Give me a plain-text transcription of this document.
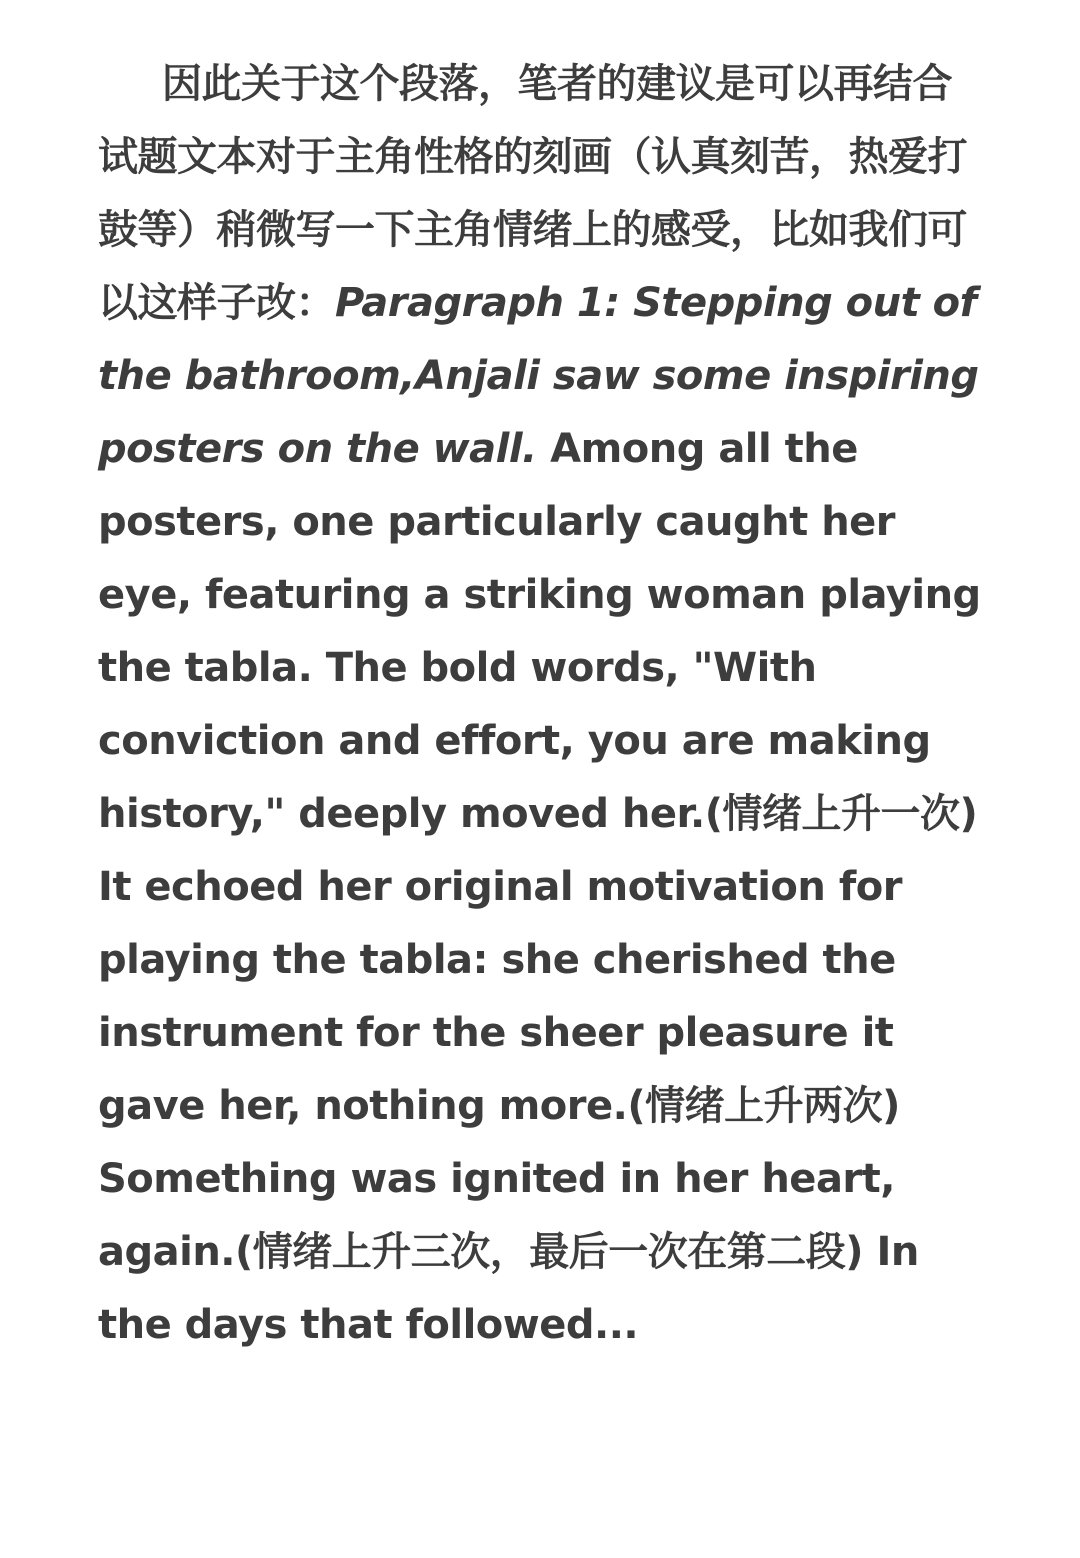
因此关于这个段落，笔者的建议是可以再结合试题文本对于主角性格的刻画（认真刻苦，热爱打鼓等）稍微写一下主角情绪上的感受，比如我们可以这样子改：Paragraph 1: Stepping out of the bathroom,Anjali saw some inspiring posters on the wall. Among all the posters, one particularly caught her eye, featuring a striking woman playing the tabla. The bold words, "With conviction and effort, you are making history," deeply moved her.(情绪上升一次) It echoed her original motivation for playing the tabla: she cherished the instrument for the sheer pleasure it gave her, nothing more.(情绪上升两次) Something was ignited in her heart, again.(情绪上升三次，最后一次在第二段) In the days that followed...
